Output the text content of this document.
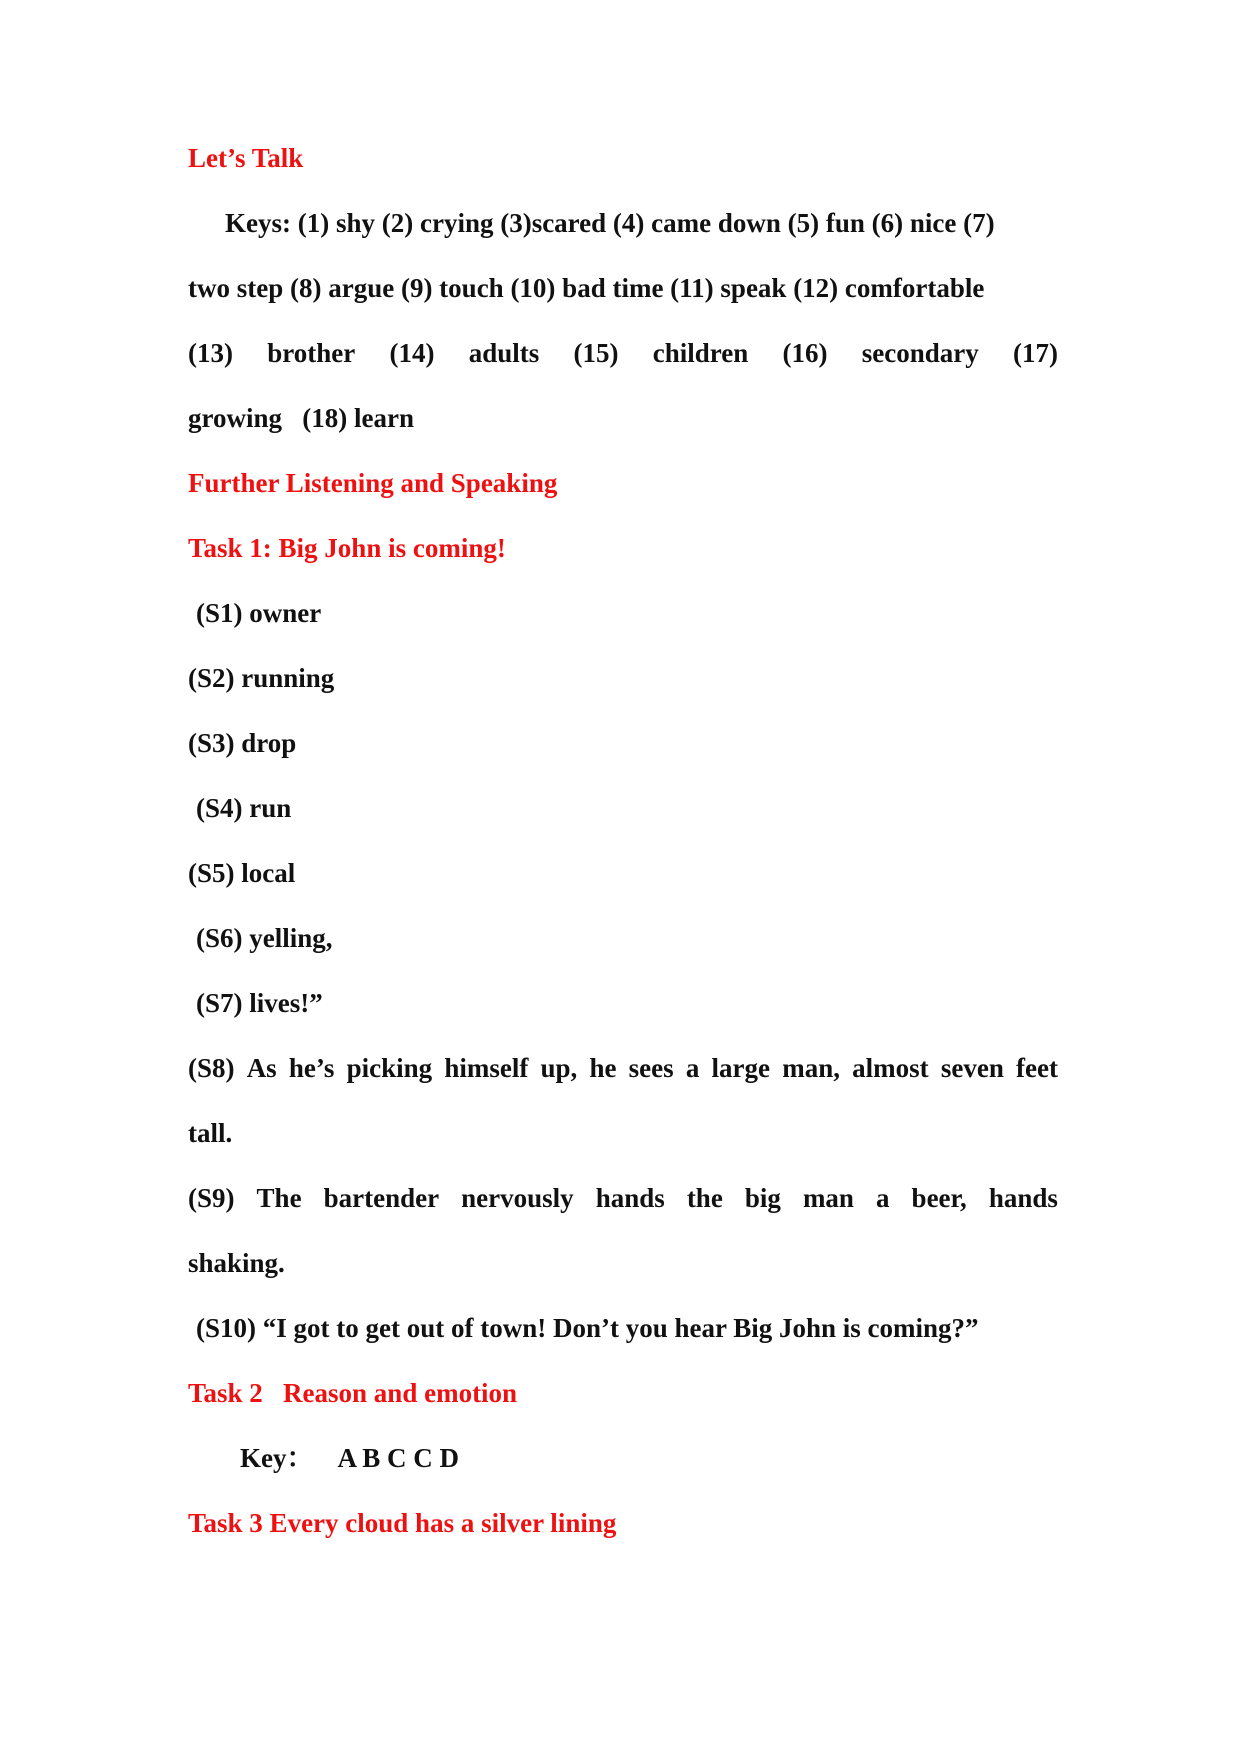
Let’s Talk

Keys: (1) shy (2) crying (3)scared (4) came down (5) fun (6) nice (7)

two step (8) argue (9) touch (10) bad time (11) speak (12) comfortable

(13) brother (14) adults (15) children (16) secondary (17)

growing   (18) learn

Further Listening and Speaking

Task 1: Big John is coming!

(S1) owner

(S2) running

(S3) drop

(S4) run

(S5) local

(S6) yelling,

(S7) lives!”

(S8) As he’s picking himself up, he sees a large man, almost seven feet

tall.

(S9) The bartender nervously hands the big man a beer, hands

shaking.

(S10) “I got to get out of town! Don’t you hear Big John is coming?”

Task 2   Reason and emotion

Key： A B C C D

Task 3 Every cloud has a silver lining
